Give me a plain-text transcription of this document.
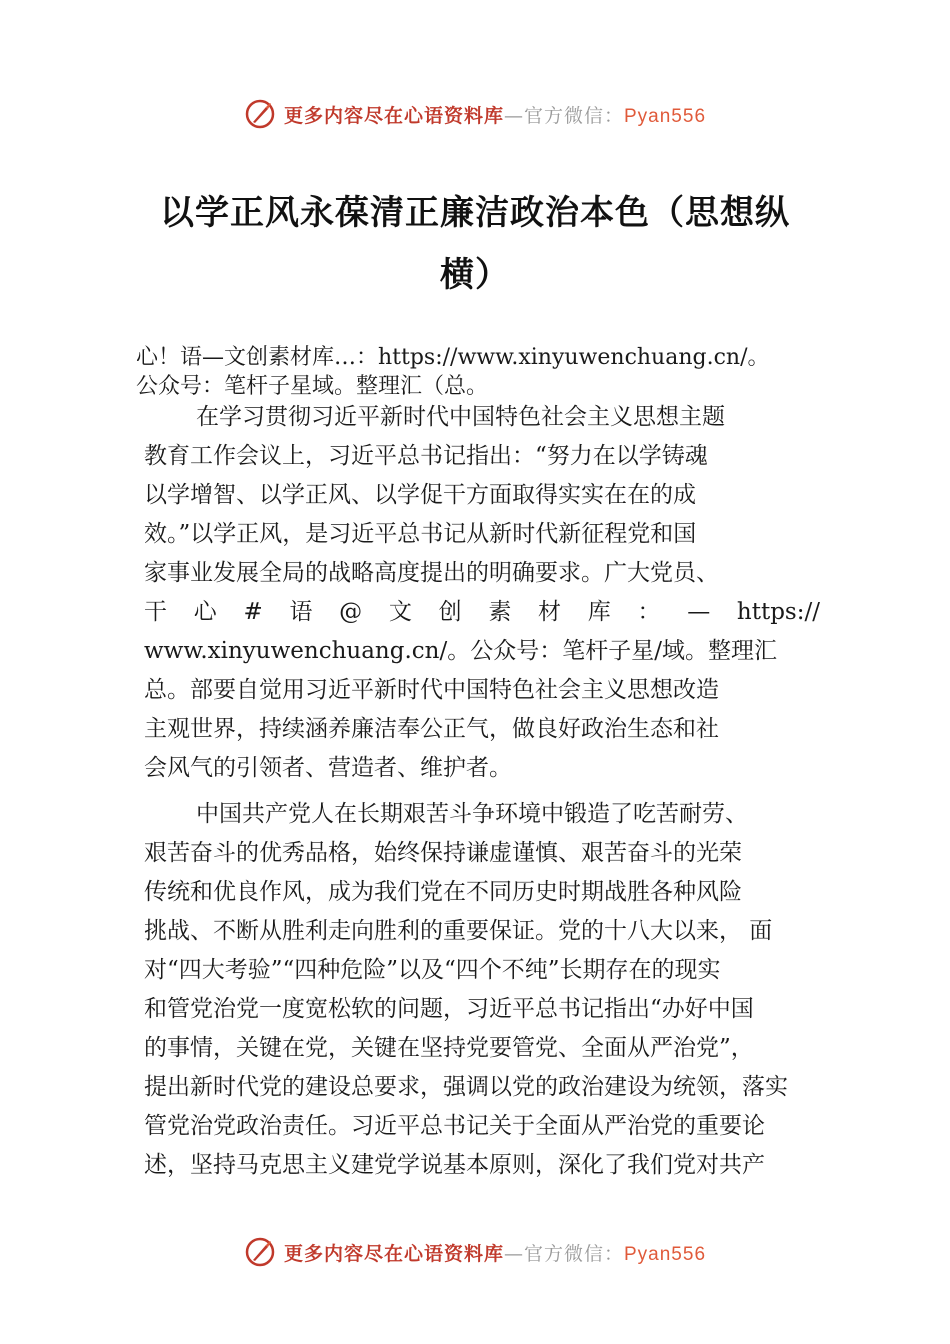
更多内容尽在心语资料库—官方微信：Pyan556
以学正风永葆清正廉洁政治本色（思想纵
横）
心！语—文创素材库…：https://www.xinyuwenchuang.cn/。
公众号：笔杆子星域。整理汇（总。
在学习贯彻习近平新时代中国特色社会主义思想主题
教育工作会议上，习近平总书记指出：“努力在以学铸魂
以学增智、以学正风、以学促干方面取得实实在在的成
效。”以学正风，是习近平总书记从新时代新征程党和国
家事业发展全局的战略高度提出的明确要求。广大党员、
干 心 # 语 @ 文 创 素 材 库 ： — https://
www.xinyuwenchuang.cn/。公众号：笔杆子星/域。整理汇
总。部要自觉用习近平新时代中国特色社会主义思想改造
主观世界，持续涵养廉洁奉公正气，做良好政治生态和社
会风气的引领者、营造者、维护者。
中国共产党人在长期艰苦斗争环境中锻造了吃苦耐劳、
艰苦奋斗的优秀品格，始终保持谦虚谨慎、艰苦奋斗的光荣
传统和优良作风，成为我们党在不同历史时期战胜各种风险
挑战、不断从胜利走向胜利的重要保证。党的十八大以来， 面
对“四大考验”“四种危险”以及“四个不纯”长期存在的现实
和管党治党一度宽松软的问题，习近平总书记指出“办好中国
的事情，关键在党，关键在坚持党要管党、全面从严治党”，
提出新时代党的建设总要求，强调以党的政治建设为统领，落实
管党治党政治责任。习近平总书记关于全面从严治党的重要论
述，坚持马克思主义建党学说基本原则，深化了我们党对共产
更多内容尽在心语资料库—官方微信：Pyan556
